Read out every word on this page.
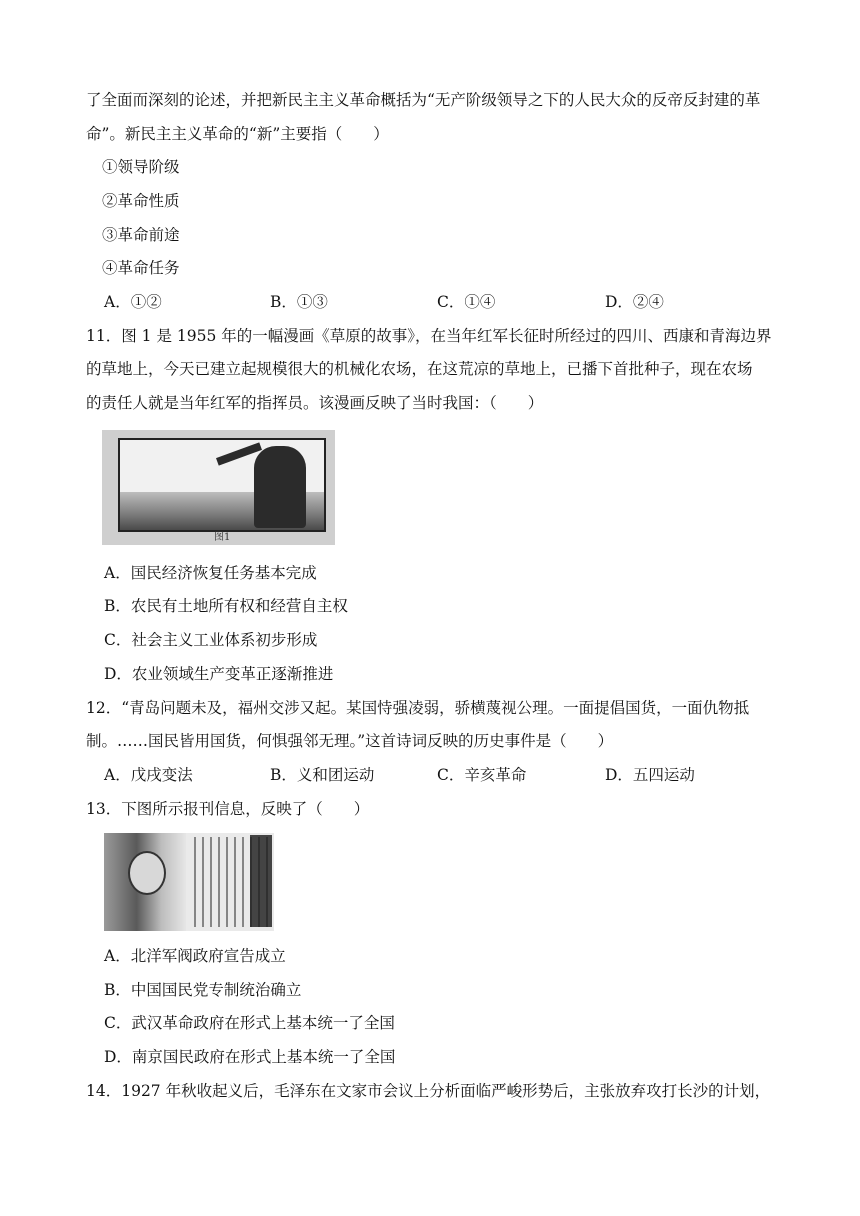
了全面而深刻的论述，并把新民主主义革命概括为“无产阶级领导之下的人民大众的反帝反封建的革
命”。新民主主义革命的“新”主要指（　　）
①领导阶级
②革命性质
③革命前途
④革命任务
A．①②	B．①③	C．①④	D．②④
11．图 1 是 1955 年的一幅漫画《草原的故事》，在当年红军长征时所经过的四川、西康和青海边界
的草地上，今天已建立起规模很大的机械化农场，在这荒凉的草地上，已播下首批种子，现在农场
的责任人就是当年红军的指挥员。该漫画反映了当时我国：（　　）
图1
A．国民经济恢复任务基本完成
B．农民有土地所有权和经营自主权
C．社会主义工业体系初步形成
D．农业领域生产变革正逐渐推进
12．“青岛问题未及，福州交涉又起。某国恃强凌弱，骄横蔑视公理。一面提倡国货，一面仇物抵
制。……国民皆用国货，何惧强邻无理。”这首诗词反映的历史事件是（　　）
A．戊戌变法	B．义和团运动	C．辛亥革命	D．五四运动
13．下图所示报刊信息，反映了（　　）
A．北洋军阀政府宣告成立
B．中国国民党专制统治确立
C．武汉革命政府在形式上基本统一了全国
D．南京国民政府在形式上基本统一了全国
14．1927 年秋收起义后，毛泽东在文家市会议上分析面临严峻形势后，主张放弃攻打长沙的计划，
